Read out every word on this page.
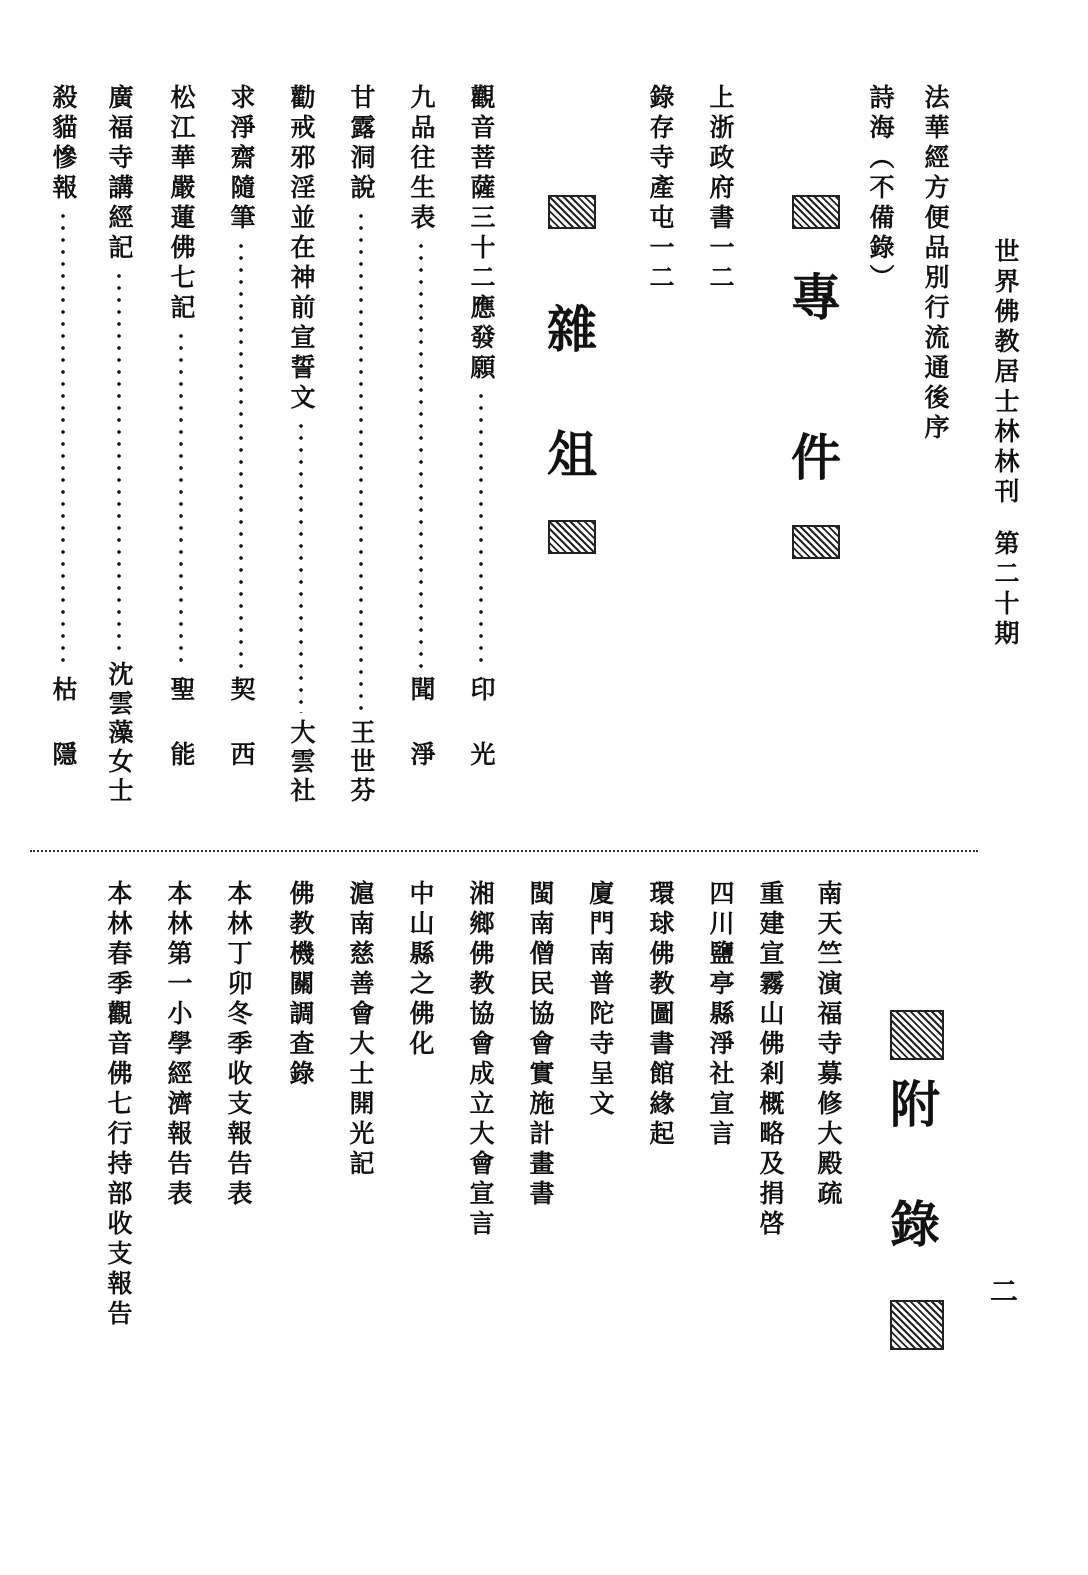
世界佛教居士林林刊第二十期
法華經方便品別行流通後序
詩海（不備錄）
專
件
上浙政府書一二
錄存寺產屯一二
雜
俎
觀音菩薩三十二應發願
印光
九品往生表
聞淨
甘露洞說
王世芬
勸戒邪淫並在神前宣誓文
大雲社
求淨齋隨筆
契西
松江華嚴蓮佛七記
聖能
廣福寺講經記
沈雲藻女士
殺貓慘報
枯隱
附
錄
二
南天竺演福寺募修大殿疏
重建宣霧山佛剎概略及捐啓
四川鹽亭縣淨社宣言
環球佛教圖書館緣起
廈門南普陀寺呈文
閩南僧民協會實施計畫書
湘鄉佛教協會成立大會宣言
中山縣之佛化
滬南慈善會大士開光記
佛教機關調查錄
本林丁卯冬季收支報告表
本林第一小學經濟報告表
本林春季觀音佛七行持部收支報告
